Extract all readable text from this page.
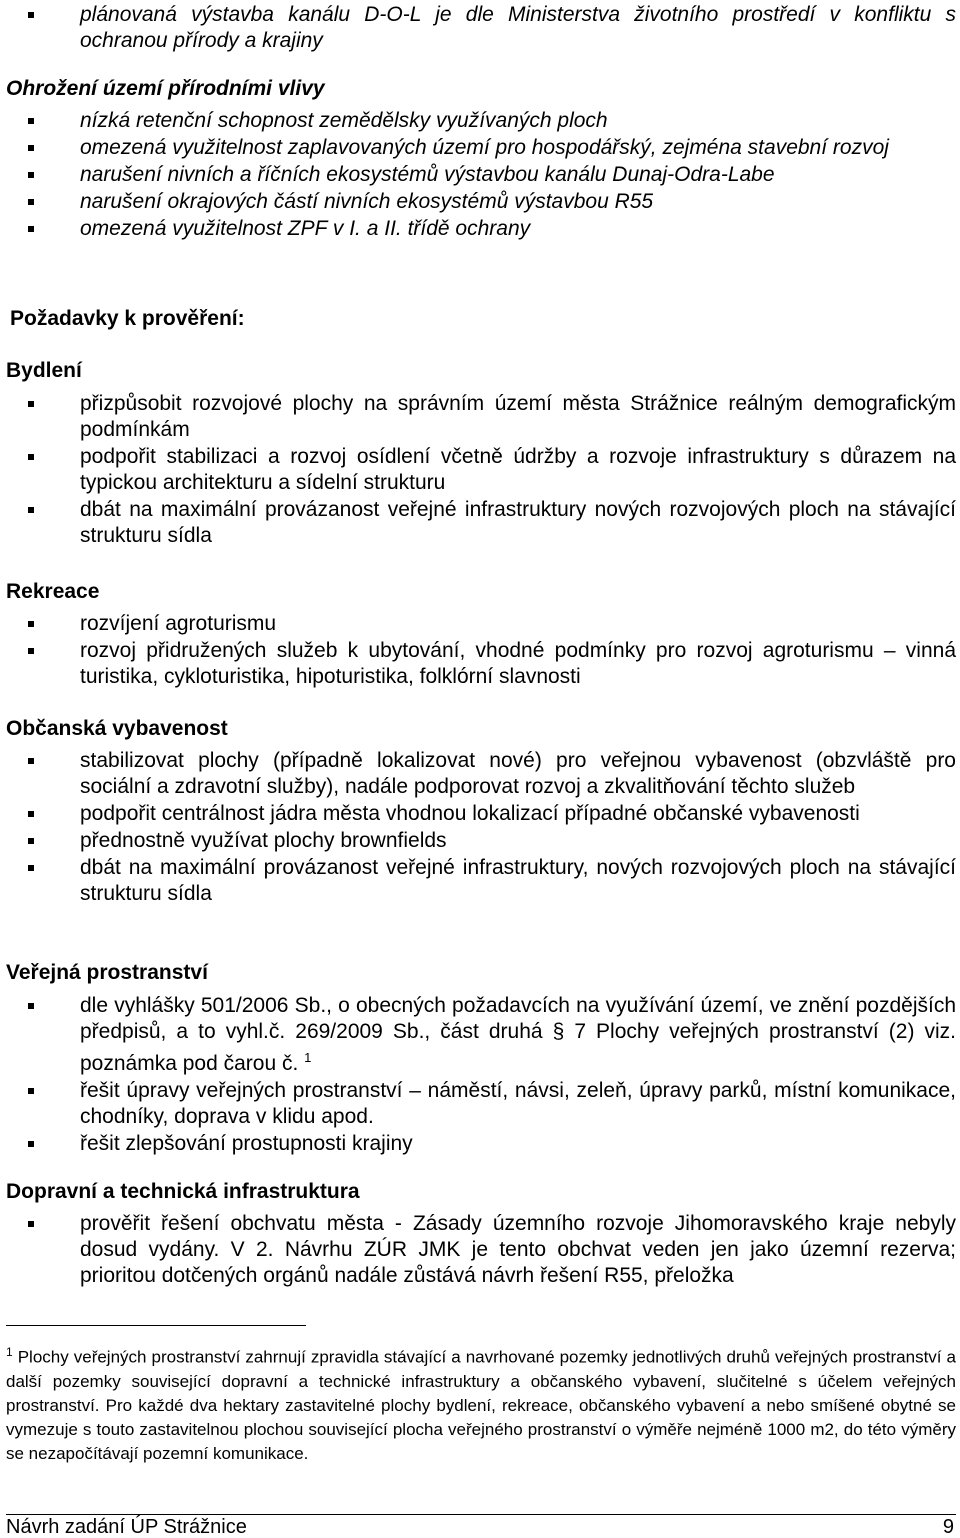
plánovaná výstavba kanálu D-O-L je dle Ministerstva životního prostředí v konfliktu s ochranou přírody a krajiny
Ohrožení území přírodními vlivy
nízká retenční schopnost zemědělsky využívaných ploch
omezená využitelnost zaplavovaných území pro hospodářský, zejména stavební rozvoj
narušení nivních a říčních ekosystémů výstavbou kanálu Dunaj-Odra-Labe
narušení okrajových částí nivních ekosystémů výstavbou R55
omezená využitelnost ZPF v I. a II. třídě ochrany
Požadavky k prověření:
Bydlení
přizpůsobit rozvojové plochy na správním území města Strážnice reálným demografickým podmínkám
podpořit stabilizaci a rozvoj osídlení včetně údržby a rozvoje infrastruktury s důrazem na typickou architekturu a sídelní strukturu
dbát na maximální provázanost veřejné infrastruktury nových rozvojových ploch na stávající strukturu sídla
Rekreace
rozvíjení agroturismu
rozvoj přidružených služeb k ubytování, vhodné podmínky pro rozvoj agroturismu – vinná turistika, cykloturistika, hipoturistika, folklórní slavnosti
Občanská vybavenost
stabilizovat plochy (případně lokalizovat nové) pro veřejnou vybavenost (obzvláště pro sociální a zdravotní služby), nadále podporovat rozvoj a zkvalitňování těchto služeb
podpořit centrálnost jádra města vhodnou lokalizací případné občanské vybavenosti
přednostně využívat plochy brownfields
dbát na maximální provázanost veřejné infrastruktury, nových rozvojových ploch na stávající strukturu sídla
Veřejná prostranství
dle vyhlášky 501/2006 Sb., o obecných požadavcích na využívání území, ve znění pozdějších předpisů, a to vyhl.č. 269/2009 Sb., část druhá § 7 Plochy veřejných prostranství (2) viz. poznámka pod čarou č. $^1$
řešit úpravy veřejných prostranství – náměstí, návsi, zeleň, úpravy parků, místní komunikace, chodníky, doprava v klidu apod.
řešit zlepšování prostupnosti krajiny
Dopravní a technická infrastruktura
prověřit řešení obchvatu města - Zásady územního rozvoje Jihomoravského kraje nebyly dosud vydány. V 2. Návrhu ZÚR JMK je tento obchvat veden jen jako územní rezerva; prioritou dotčených orgánů nadále zůstává návrh řešení R55, přeložka
$^1$ Plochy veřejných prostranství zahrnují zpravidla stávající a navrhované pozemky jednotlivých druhů veřejných prostranství a další pozemky související dopravní a technické infrastruktury a občanského vybavení, slučitelné s účelem veřejných prostranství. Pro každé dva hektary zastavitelné plochy bydlení, rekreace, občanského vybavení a nebo smíšené obytné se vymezuje s touto zastavitelnou plochou související plocha veřejného prostranství o výměře nejméně 1000 m2, do této výměry se nezapočítávají pozemní komunikace.
Návrh zadání ÚP Strážnice	9
